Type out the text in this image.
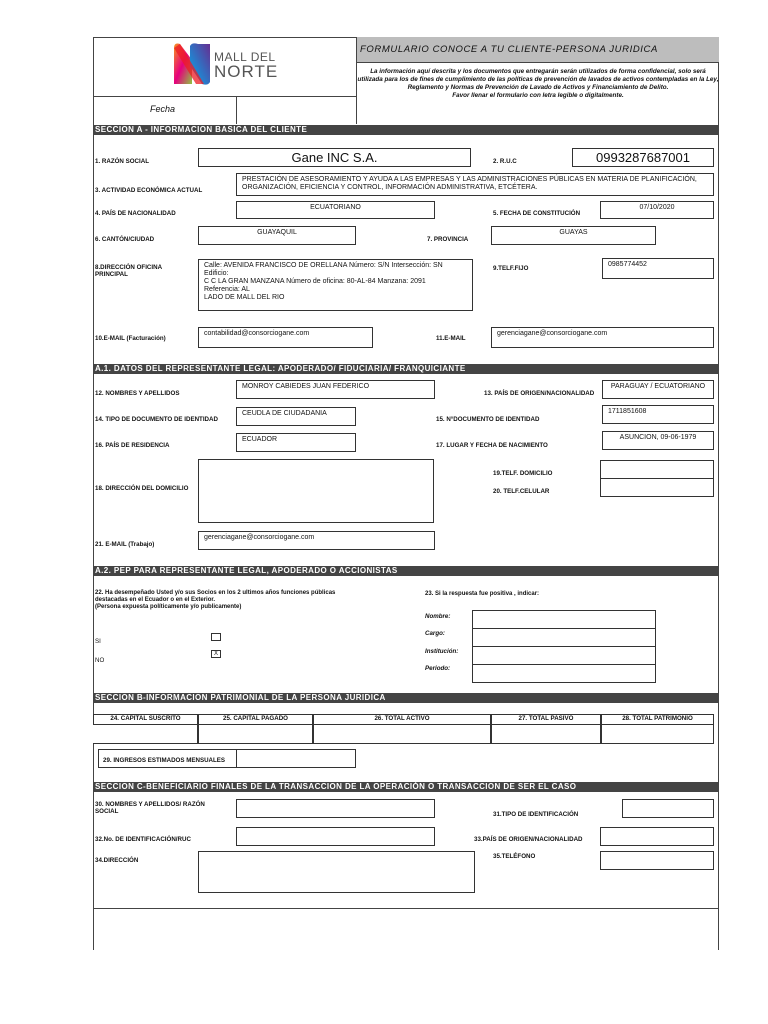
MALL DEL
NORTE
FORMULARIO CONOCE A TU CLIENTE-PERSONA JURIDICA
La información aquí descrita y los documentos que entregarán serán utilizados de forma confidencial, solo será utilizada para los de fines de cumplimiento de las políticas de prevención de lavados de activos contempladas en la Ley, Reglamento y Normas de Prevención de Lavado de Activos y Financiamiento de Delito.
Favor llenar el formulario con letra legible o digitalmente.
Fecha
SECCION A - INFORMACION BASICA DEL CLIENTE
1. RAZÓN SOCIAL	Gane INC S.A.	2. R.U.C	0993287687001
3. ACTIVIDAD ECONÓMICA ACTUAL
PRESTACIÓN DE ASESORAMIENTO Y AYUDA A LAS EMPRESAS Y LAS ADMINISTRACIONES PÚBLICAS EN MATERIA DE PLANIFICACIÓN, ORGANIZACIÓN, EFICIENCIA Y CONTROL, INFORMACIÓN ADMINISTRATIVA, ETCÉTERA.
4. PAÍS DE NACIONALIDAD
ECUATORIANO
5. FECHA DE CONSTITUCIÓN
07/10/2020
6. CANTÓN/CIUDAD
GUAYAQUIL
7. PROVINCIA
GUAYAS
8.DIRECCIÓN OFICINA PRINCIPAL
Calle: AVENIDA FRANCISCO DE ORELLANA Número: S/N Intersección: SN Edificio:
C C LA GRAN MANZANA Número de oficina: 80-AL-84 Manzana: 2091
Referencia: AL
LADO DE MALL DEL RIO
9.TELF.FIJO
0985774452
10.E-MAIL (Facturación)
contabilidad@consorciogane.com
11.E-MAIL
gerenciagane@consorciogane.com
A.1. DATOS DEL REPRESENTANTE LEGAL: APODERADO/ FIDUCIARIA/ FRANQUICIANTE
12. NOMBRES Y APELLIDOS
MONROY CABIEDES JUAN FEDERICO
13. PAÍS DE ORIGEN/NACIONALIDAD
PARAGUAY / ECUATORIANO
14. TIPO DE DOCUMENTO DE IDENTIDAD
CEUDLA DE CIUDADANIA
15. N°DOCUMENTO DE IDENTIDAD
1711851608
16. PAÍS DE RESIDENCIA
ECUADOR
17. LUGAR Y FECHA DE NACIMIENTO
ASUNCION, 09-06-1979
18. DIRECCIÓN DEL DOMICILIO
19.TELF. DOMICILIO
20. TELF.CELULAR
21. E-MAIL (Trabajo)
gerenciagane@consorciogane.com
A.2. PEP PARA REPRESENTANTE LEGAL, APODERADO O ACCIONISTAS
22. Ha desempeñado Usted y/o sus Socios en los 2 ultimos años funciones públicas destacadas en el Ecuador o en el Exterior.
(Persona expuesta políticamente y/o publicamente)
23. Si la respuesta fue positiva , indicar:
SI
NO
X
Nombre:
Cargo:
Institución:
Periodo:
SECCION B-INFORMACION PATRIMONIAL DE LA PERSONA JURIDICA
24. CAPITAL SUSCRITO	25. CAPITAL PAGADO	26. TOTAL ACTIVO	27. TOTAL PASIVO	28. TOTAL PATRIMONIO
29. INGRESOS ESTIMADOS MENSUALES
SECCION C-BENEFICIARIO FINALES DE LA TRANSACCION DE LA OPERACIÓN O TRANSACCION DE SER EL CASO
30. NOMBRES Y APELLIDOS/ RAZÓN SOCIAL	31.TIPO DE IDENTIFICACIÓN
32.No. DE IDENTIFICACIÓN/RUC	33.PAÍS DE ORIGEN/NACIONALIDAD
34.DIRECCIÓN
35.TELÉFONO
